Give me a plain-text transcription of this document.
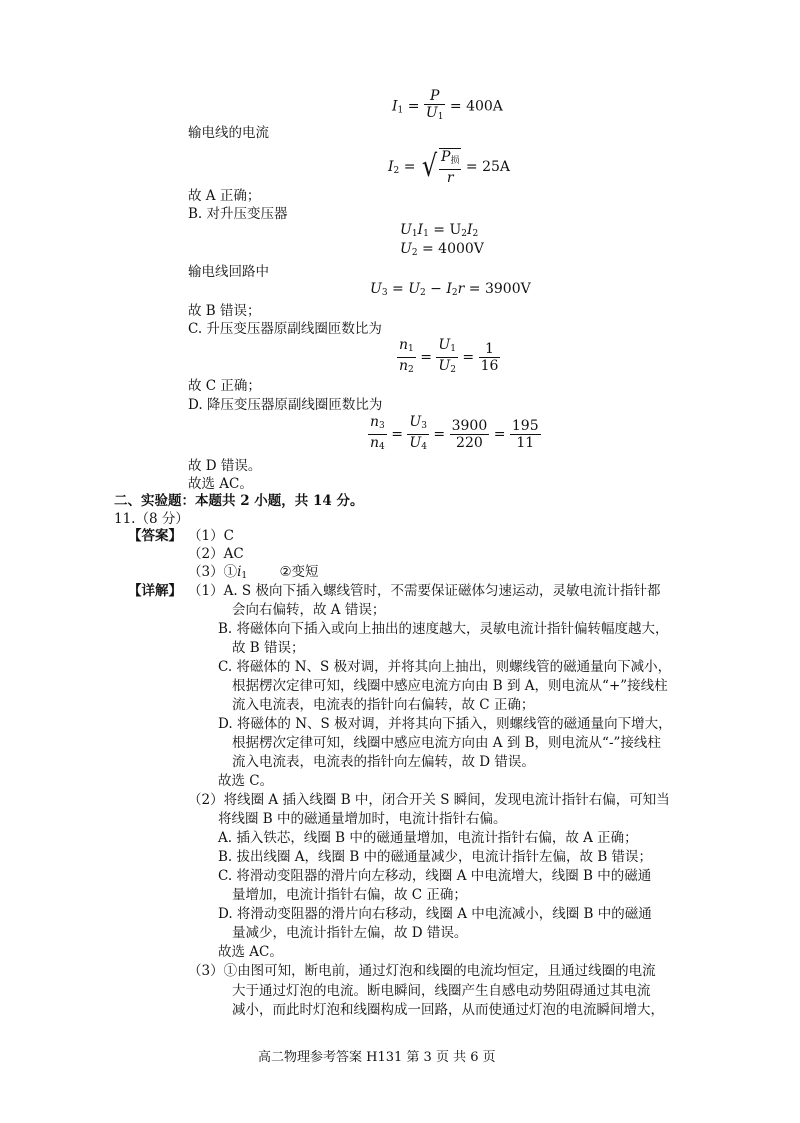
$I_1 = \frac{P}{U_1} = 400A$
输电线的电流
$I_2$ = √ $\frac{P_损}{r} = 25A$
故 A 正确；
B. 对升压变压器
$U_1I_1 = U_2I_2$
$U_2 = 4000V$
输电线回路中
$U_3 = U_2 - I_2r = 3900V$
故 B 错误；
C. 升压变压器原副线圈匝数比为
$\frac{n_1}{n_2} = \frac{U_1}{U_2} = \frac{1}{16}$
故 C 正确；
D. 降压变压器原副线圈匝数比为
$\frac{n_3}{n_4} = \frac{U_3}{U_4} = \frac{3900}{220} = \frac{195}{11}$
故 D 错误。
故选 AC。
二、实验题：本题共 2 小题，共 14 分。
11.（8 分）
【答案】 （1）C
（2）AC
$(3)①i_1$ ②变短
【详解】 （1）A. S 极向下插入螺线管时，不需要保证磁体匀速运动，灵敏电流计指针都
会向右偏转，故 A 错误；
B. 将磁体向下插入或向上抽出的速度越大，灵敏电流计指针偏转幅度越大，
故 B 错误；
C. 将磁体的 N、S 极对调，并将其向上抽出，则螺线管的磁通量向下减小，
根据楞次定律可知，线圈中感应电流方向由 B 到 A，则电流从“+”接线柱
流入电流表，电流表的指针向右偏转，故 C 正确；
D. 将磁体的 N、S 极对调，并将其向下插入，则螺线管的磁通量向下增大，
根据楞次定律可知，线圈中感应电流方向由 A 到 B，则电流从“-”接线柱
流入电流表，电流表的指针向左偏转，故 D 错误。
故选 C。
（2）将线圈 A 插入线圈 B 中，闭合开关 S 瞬间，发现电流计指针右偏，可知当
将线圈 B 中的磁通量增加时，电流计指针右偏。
A. 插入铁芯，线圈 B 中的磁通量增加，电流计指针右偏，故 A 正确；
B. 拔出线圈 A，线圈 B 中的磁通量减少，电流计指针左偏，故 B 错误；
C. 将滑动变阻器的滑片向左移动，线圈 A 中电流增大，线圈 B 中的磁通
量增加，电流计指针右偏，故 C 正确；
D. 将滑动变阻器的滑片向右移动，线圈 A 中电流减小，线圈 B 中的磁通
量减少，电流计指针左偏，故 D 错误。
故选 AC。
（3）①由图可知，断电前，通过灯泡和线圈的电流均恒定，且通过线圈的电流
大于通过灯泡的电流。断电瞬间，线圈产生自感电动势阻碍通过其电流
减小，而此时灯泡和线圈构成一回路，从而使通过灯泡的电流瞬间增大，
高二物理参考答案 H131 第 3 页 共 6 页
